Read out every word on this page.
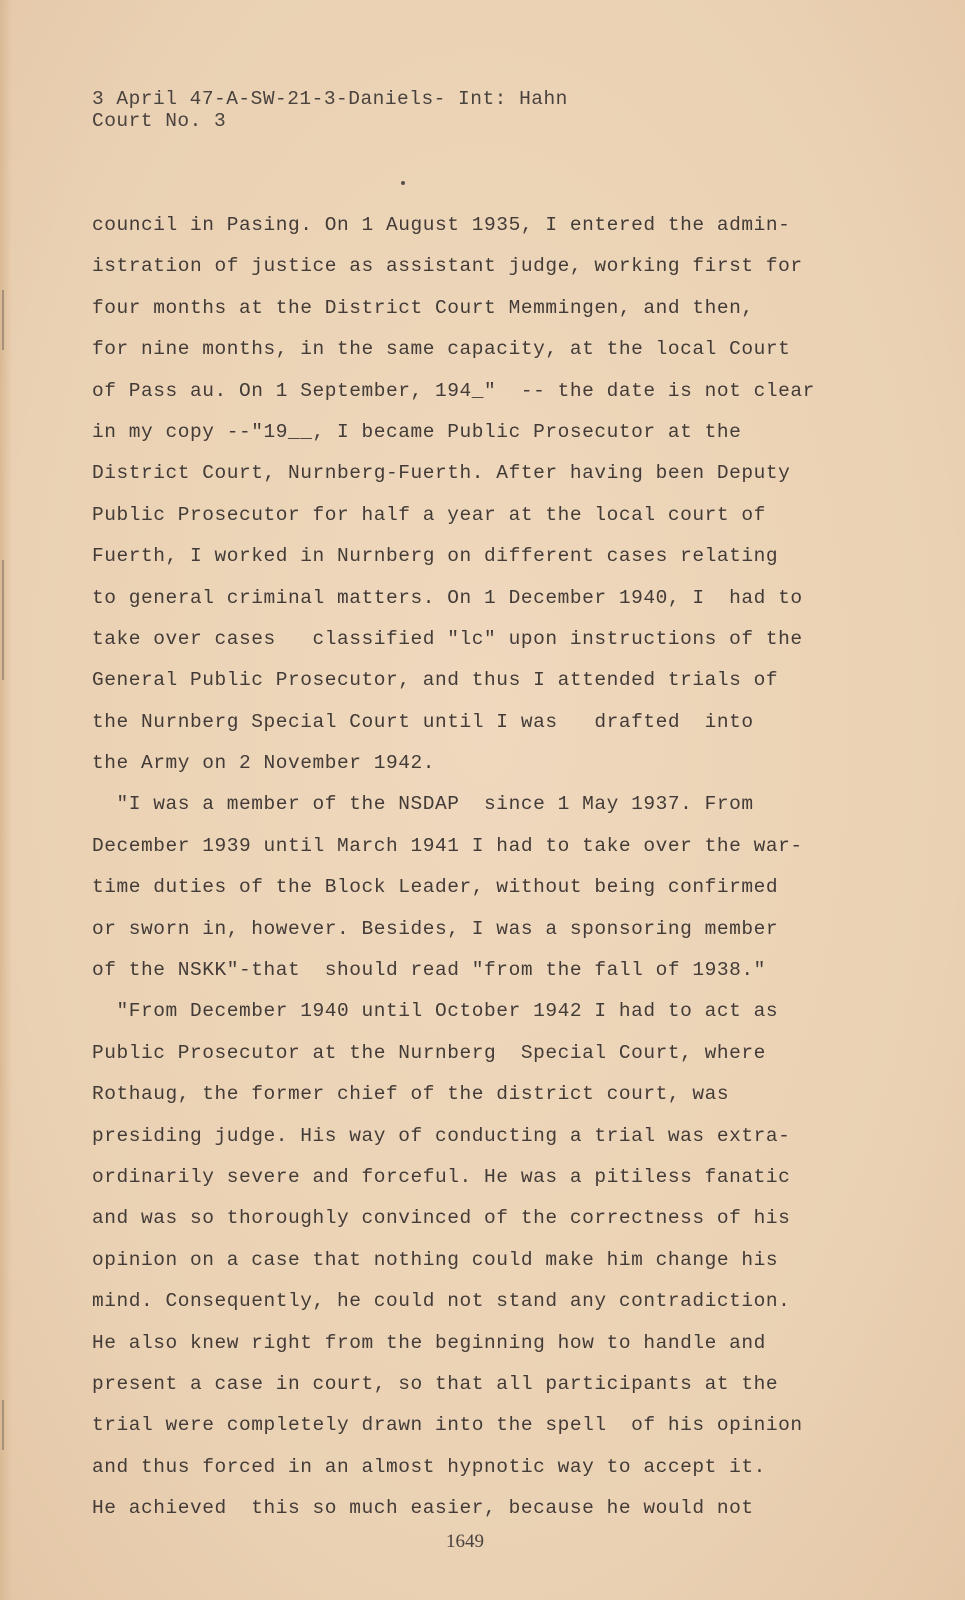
3 April 47-A-SW-21-3-Daniels- Int: Hahn
Court No. 3
council in Pasing. On 1 August 1935, I entered the admin-
istration of justice as assistant judge, working first for
four months at the District Court Memmingen, and then,
for nine months, in the same capacity, at the local Court
of Pass au. On 1 September, 194_"  -- the date is not clear
in my copy --"19__, I became Public Prosecutor at the
District Court, Nurnberg-Fuerth. After having been Deputy
Public Prosecutor for half a year at the local court of
Fuerth, I worked in Nurnberg on different cases relating
to general criminal matters. On 1 December 1940, I  had to
take over cases   classified "lc" upon instructions of the
General Public Prosecutor, and thus I attended trials of
the Nurnberg Special Court until I was   drafted  into
the Army on 2 November 1942.
"I was a member of the NSDAP  since 1 May 1937. From
December 1939 until March 1941 I had to take over the war-
time duties of the Block Leader, without being confirmed
or sworn in, however. Besides, I was a sponsoring member
of the NSKK"-that  should read "from the fall of 1938."
"From December 1940 until October 1942 I had to act as
Public Prosecutor at the Nurnberg  Special Court, where
Rothaug, the former chief of the district court, was
presiding judge. His way of conducting a trial was extra-
ordinarily severe and forceful. He was a pitiless fanatic
and was so thoroughly convinced of the correctness of his
opinion on a case that nothing could make him change his
mind. Consequently, he could not stand any contradiction.
He also knew right from the beginning how to handle and
present a case in court, so that all participants at the
trial were completely drawn into the spell  of his opinion
and thus forced in an almost hypnotic way to accept it.
He achieved  this so much easier, because he would not
1649
